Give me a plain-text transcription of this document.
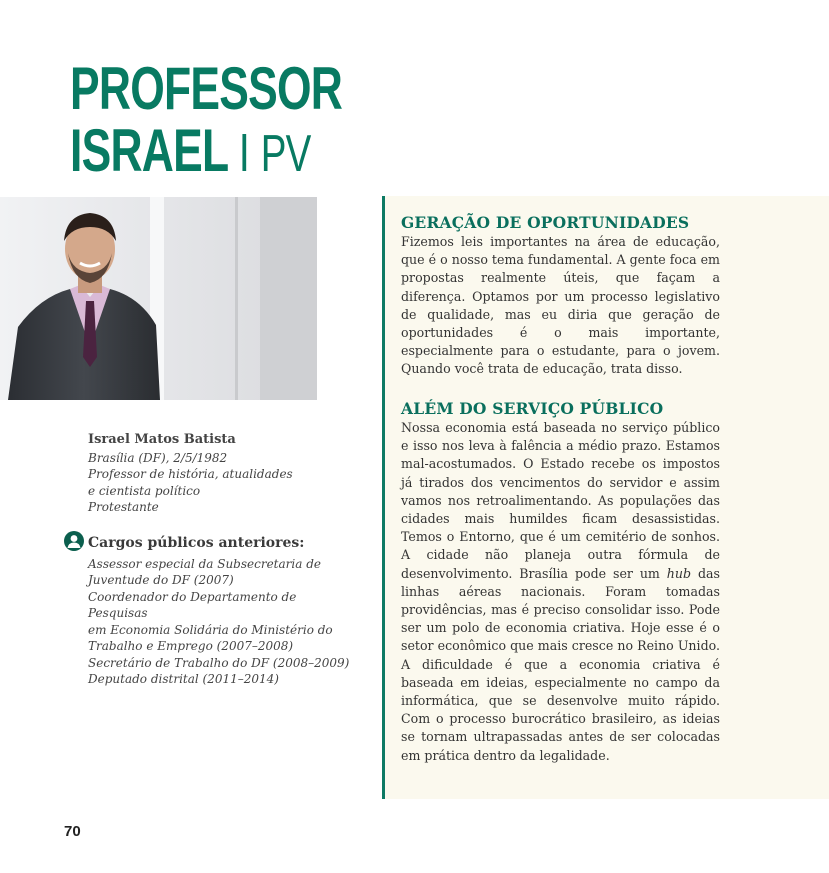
PROFESSOR
ISRAEL I PV
Israel Matos Batista
Brasília (DF), 2/5/1982
Professor de história, atualidades
e cientista político
Protestante
Cargos públicos anteriores:
Assessor especial da Subsecretaria de
Juventude do DF (2007)
Coordenador do Departamento de Pesquisas
em Economia Solidária do Ministério do
Trabalho e Emprego (2007–2008)
Secretário de Trabalho do DF (2008–2009)
Deputado distrital (2011–2014)
GERAÇÃO DE OPORTUNIDADES

Fizemos leis importantes na área de educação, que é o nosso tema fundamental. A gente foca em propostas realmente úteis, que façam a diferença. Optamos por um processo legislativo de qualidade, mas eu diria que geração de oportunidades é o mais importante, especialmente para o estudante, para o jovem. Quando você trata de educação, trata disso.

ALÉM DO SERVIÇO PÚBLICO

Nossa economia está baseada no serviço público e isso nos leva à falência a médio prazo. Estamos mal-acostumados. O Estado recebe os impostos já tirados dos vencimentos do servidor e assim vamos nos retroalimentando. As populações das cidades mais humildes ficam desassistidas. Temos o Entorno, que é um cemitério de sonhos. A cidade não planeja outra fórmula de desenvolvimento. Brasília pode ser um hub das linhas aéreas nacionais. Foram tomadas providências, mas é preciso consolidar isso. Pode ser um polo de economia criativa. Hoje esse é o setor econômico que mais cresce no Reino Unido. A dificuldade é que a economia criativa é baseada em ideias, especialmente no campo da informática, que se desenvolve muito rápido. Com o processo burocrático brasileiro, as ideias se tornam ultrapassadas antes de ser colocadas em prática dentro da legalidade.

70
